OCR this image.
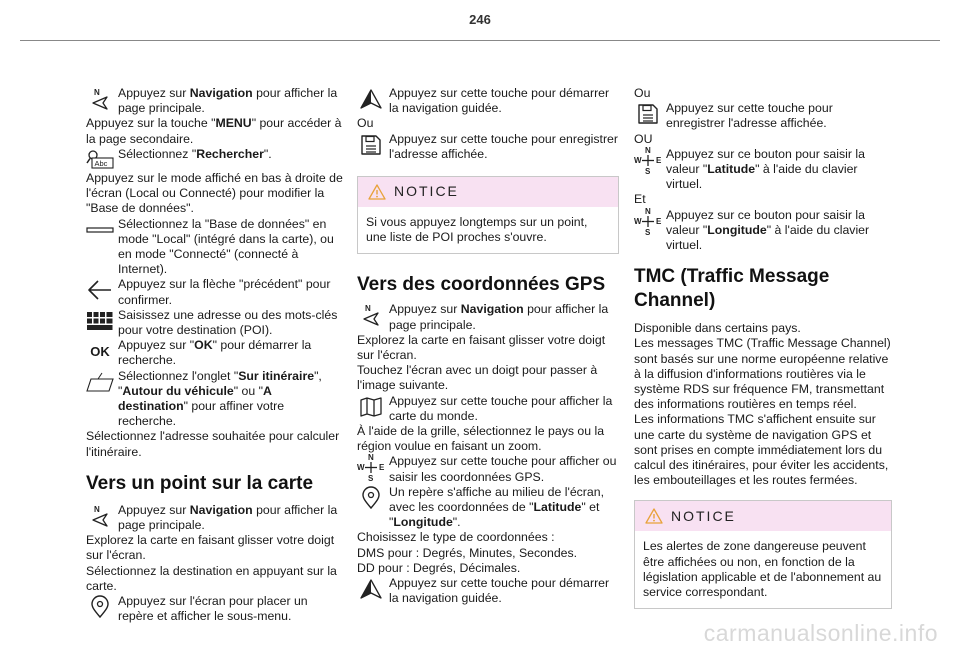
246
Appuyez sur Navigation pour afficher la page principale.

Appuyez sur la touche "MENU" pour accéder à la page secondaire.

Abc
Sélectionnez "Rechercher".

Appuyez sur le mode affiché en bas à droite de l'écran (Local ou Connecté) pour modifier la "Base de données".

Sélectionnez la "Base de données" en mode "Local" (intégré dans la carte), ou en mode "Connecté" (connecté à Internet).
Appuyez sur la flèche "précédent" pour confirmer.
Saisissez une adresse ou des mots-clés pour votre destination (POI).
OK Appuyez sur "OK" pour démarrer la recherche.
Sélectionnez l'onglet "Sur itinéraire", "Autour du véhicule" ou "A destination" pour affiner votre recherche.

Sélectionnez l'adresse souhaitée pour calculer l'itinéraire.

Vers un point sur la carte
Appuyez sur Navigation pour afficher la page principale.

Explorez la carte en faisant glisser votre doigt sur l'écran.

Sélectionnez la destination en appuyant sur la carte.

Appuyez sur l'écran pour placer un repère et afficher le sous-menu.
Appuyez sur cette touche pour démarrer la navigation guidée.

Ou

Appuyez sur cette touche pour enregistrer l'adresse affichée.
NOTICE
Si vous appuyez longtemps sur un point, une liste de POI proches s'ouvre.
Vers des coordonnées GPS
Appuyez sur Navigation pour afficher la page principale.

Explorez la carte en faisant glisser votre doigt sur l'écran.

Touchez l'écran avec un doigt pour passer à l'image suivante.

Appuyez sur cette touche pour afficher la carte du monde.

À l'aide de la grille, sélectionnez le pays ou la région voulue en faisant un zoom.

N
W E
S
Appuyez sur cette touche pour afficher ou saisir les coordonnées GPS.
Un repère s'affiche au milieu de l'écran, avec les coordonnées de "Latitude" et "Longitude".

Choisissez le type de coordonnées :

DMS pour : Degrés, Minutes, Secondes.

DD pour : Degrés, Décimales.

Appuyez sur cette touche pour démarrer la navigation guidée.

Ou

Appuyez sur cette touche pour enregistrer l'adresse affichée.

OU

N
W E
S
Appuyez sur ce bouton pour saisir la valeur "Latitude" à l'aide du clavier virtuel.

Et

N
W E
S
Appuyez sur ce bouton pour saisir la valeur "Longitude" à l'aide du clavier virtuel.
TMC (Traffic Message Channel)

Disponible dans certains pays.

Les messages TMC (Traffic Message Channel) sont basés sur une norme européenne relative à la diffusion d'informations routières via le système RDS sur fréquence FM, transmettant des informations routières en temps réel.

Les informations TMC s'affichent ensuite sur une carte du système de navigation GPS et sont prises en compte immédiatement lors du calcul des itinéraires, pour éviter les accidents, les embouteillages et les routes fermées.

NOTICE
Les alertes de zone dangereuse peuvent être affichées ou non, en fonction de la législation applicable et de l'abonnement au service correspondant.
carmanualsonline.info
